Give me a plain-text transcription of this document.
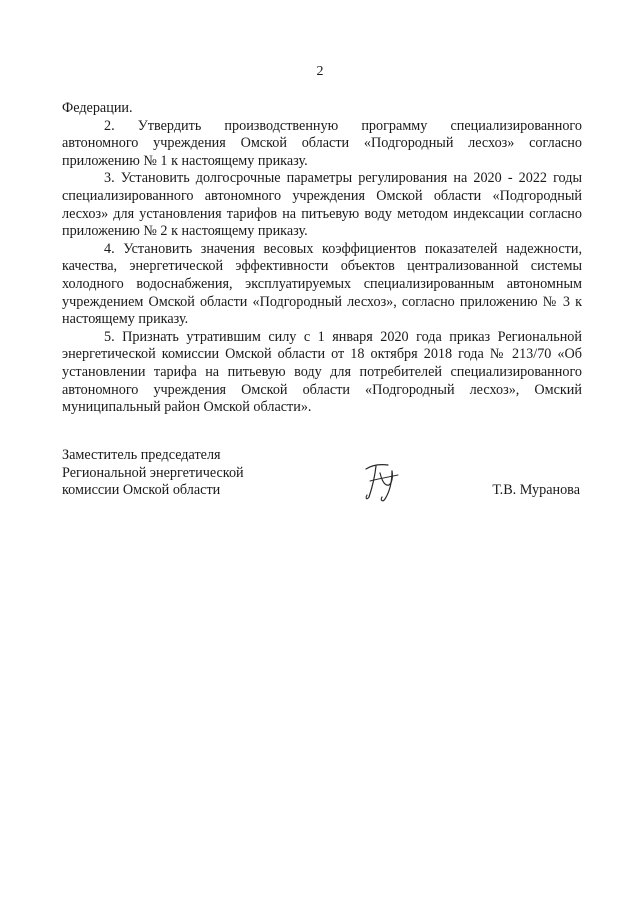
2

Федерации.

2. Утвердить производственную программу специализированного автономного учреждения Омской области «Подгородный лесхоз» согласно приложению № 1 к настоящему приказу.

3. Установить долгосрочные параметры регулирования на 2020 - 2022 годы специализированного автономного учреждения Омской области «Подгородный лесхоз» для установления тарифов на питьевую воду методом индексации согласно приложению № 2 к настоящему приказу.

4. Установить значения весовых коэффициентов показателей надежности, качества, энергетической эффективности объектов централизованной системы холодного водоснабжения, эксплуатируемых специализированным автономным учреждением Омской области «Подгородный лесхоз», согласно приложению № 3 к настоящему приказу.

5. Признать утратившим силу с 1 января 2020 года приказ Региональной энергетической комиссии Омской области от 18 октября 2018 года № 213/70 «Об установлении тарифа на питьевую воду для потребителей специализированного автономного учреждения Омской области «Подгородный лесхоз», Омский муниципальный район Омской области».

Заместитель председателя
Региональной энергетической
комиссии Омской области	Т.В. Муранова
